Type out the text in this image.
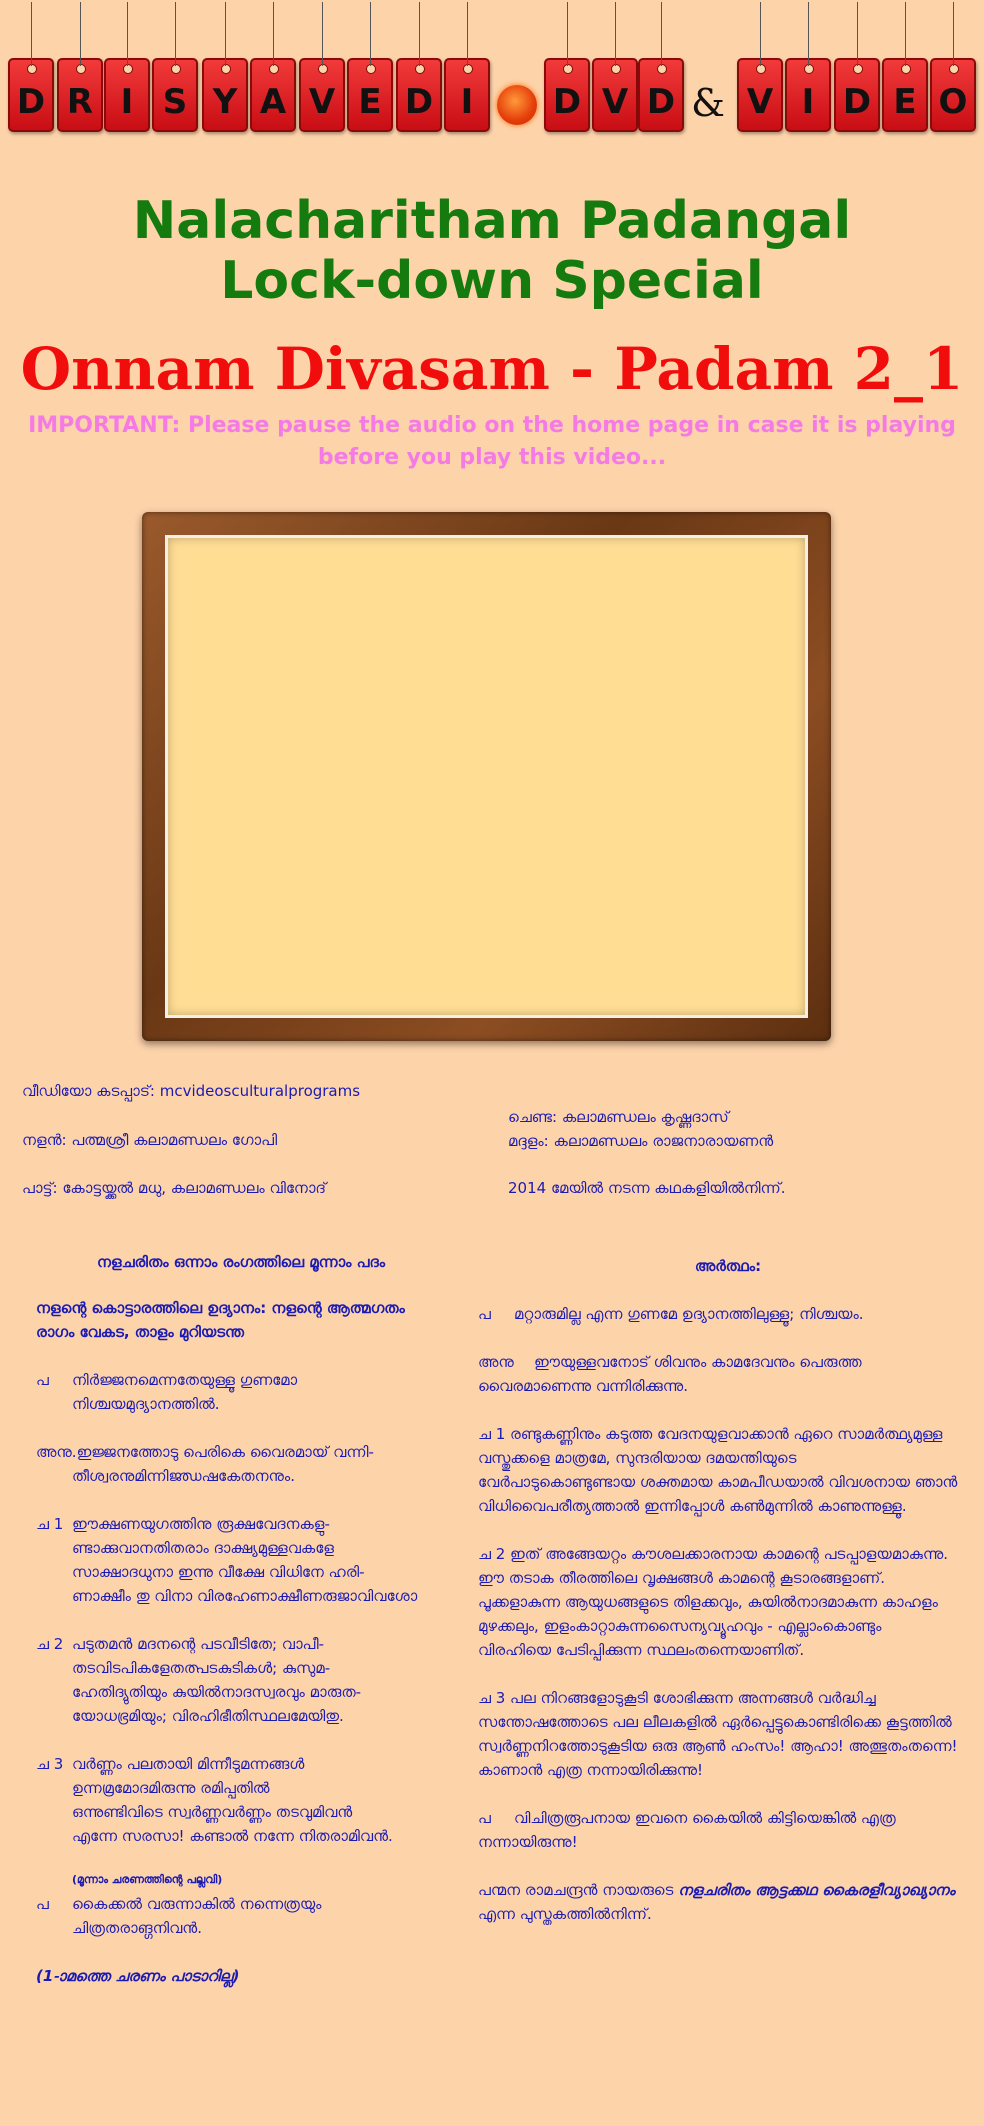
D R I S Y A V E D I	D V D & V I D E O
Nalacharitham Padangal
Lock-down Special
Onnam Divasam - Padam 2_1
IMPORTANT: Please pause the audio on the home page in case it is playing
before you play this video...
വീഡിയോ കടപ്പാട്: mcvideosculturalprograms
നളൻ: പത്മശ്രീ കലാമണ്ഡലം ഗോപി
പാട്ട്: കോട്ടയ്ക്കൽ മധു, കലാമണ്ഡലം വിനോദ്
ചെണ്ട: കലാമണ്ഡലം കൃഷ്ണദാസ്
മദ്ദളം: കലാമണ്ഡലം രാജനാരായണൻ
2014 മേയിൽ നടന്ന കഥകളിയിൽനിന്ന്.
നളചരിതം ഒന്നാം രംഗത്തിലെ മൂന്നാം പദം
നളന്റെ കൊട്ടാരത്തിലെ ഉദ്യാനം: നളന്റെ ആത്മഗതം
രാഗം വേകട, താളം മുറിയടന്ത
പ	നിർജ്ജനമെന്നതേയുള്ളൂ ഗുണമോ
നിശ്ചയമുദ്യാനത്തിൽ.
അനു.ഇജ്ജനത്തോടു പെരികെ വൈരമായ് വന്നി-
തീശ്വരനുമിന്നിജ്ഝഷകേതനനും.
ച 1 ഈക്ഷണയുഗത്തിനു രൂക്ഷവേദനകളു-
ണ്ടാക്കുവാനതിതരാം ദാക്ഷ്യമുള്ളവകളേ
സാക്ഷാദധുനാ ഇന്നു വീക്ഷേ വിധിനേ ഹരി-
ണാക്ഷീം തു വിനാ വിരഹേണാക്ഷീണരുജാവിവശോ
ച 2 പടുതമൻ മദനന്റെ പടവീടിതേ; വാപീ-
തടവിടപികളേതത്പടകുടികൾ; കുസുമ-
ഹേതിദ്യുതിയും കുയിൽനാദസ്വരവും മാരുത-
യോധഭ്രമിയും; വിരഹിഭീതിസ്ഥലമേയിതു.
ച 3 വർണ്ണം പലതായി മിന്നീടുമന്നങ്ങൾ
ഉന്നമ്രമോദമിരുന്നു രമിപ്പതിൽ
ഒന്നുണ്ടിവിടെ സ്വർണ്ണവർണ്ണം തടവുമിവൻ
എന്നേ സരസാ! കണ്ടാൽ നന്നേ നിതരാമിവൻ.
(മൂന്നാം ചരണത്തിന്റെ പല്ലവി)
പ	കൈക്കൽ വരുന്നാകിൽ നന്നെത്രയും
ചിത്രതരാങ്ഗനിവൻ.
(1-ാമത്തെ ചരണം പാടാറില്ല)
അർത്ഥം:
പ	മറ്റാരുമില്ല എന്ന ഗുണമേ ഉദ്യാനത്തിലുള്ളൂ; നിശ്ചയം.
അനു	ഈയുള്ളവനോട് ശിവനും കാമദേവനും പെരുത്ത
വൈരമാണെന്നു വന്നിരിക്കുന്നു.
ച 1 രണ്ടുകണ്ണിനും കടുത്ത വേദനയുളവാക്കാൻ ഏറെ സാമർത്ഥ്യമുള്ള
വസ്തുക്കളെ മാത്രമേ, സുന്ദരിയായ ദമയന്തിയുടെ
വേർപാടുകൊണ്ടുണ്ടായ ശക്തമായ കാമപീഡയാൽ വിവശനായ ഞാൻ
വിധിവൈപരീത്യത്താൽ ഇന്നിപ്പോൾ കൺമുന്നിൽ കാണുന്നുള്ളൂ.
ച 2 ഇത് അങ്ങേയറ്റം കൗശലക്കാരനായ കാമന്റെ പടപ്പാളയമാകുന്നു.
ഈ തടാക തീരത്തിലെ വൃക്ഷങ്ങൾ കാമന്റെ കൂടാരങ്ങളാണ്.
പൂക്കളാകുന്ന ആയുധങ്ങളുടെ തിളക്കവും, കുയിൽനാദമാകുന്ന കാഹളം
മുഴക്കലും, ഇളംകാറ്റാകുന്നസൈന്യവ്യൂഹവും - എല്ലാംകൊണ്ടും
വിരഹിയെ പേടിപ്പിക്കുന്ന സ്ഥലംതന്നെയാണിത്.
ച 3 പല നിറങ്ങളോടുകൂടി ശോഭിക്കുന്ന അന്നങ്ങൾ വർദ്ധിച്ച
സന്തോഷത്തോടെ പല ലീലകളിൽ ഏർപ്പെട്ടുകൊണ്ടിരിക്കെ കൂട്ടത്തിൽ
സ്വർണ്ണനിറത്തോടുകൂടിയ ഒരു ആൺ ഹംസം! ആഹാ! അത്ഭുതംതന്നെ!
കാണാൻ എത്ര നന്നായിരിക്കുന്നു!
പ	വിചിത്രരൂപനായ ഇവനെ കൈയിൽ കിട്ടിയെങ്കിൽ എത്ര
നന്നായിരുന്നു!
പന്മന രാമചന്ദ്രൻ നായരുടെ നളചരിതം ആട്ടക്കഥ കൈരളീവ്യാഖ്യാനം
എന്ന പുസ്തകത്തിൽനിന്ന്.
